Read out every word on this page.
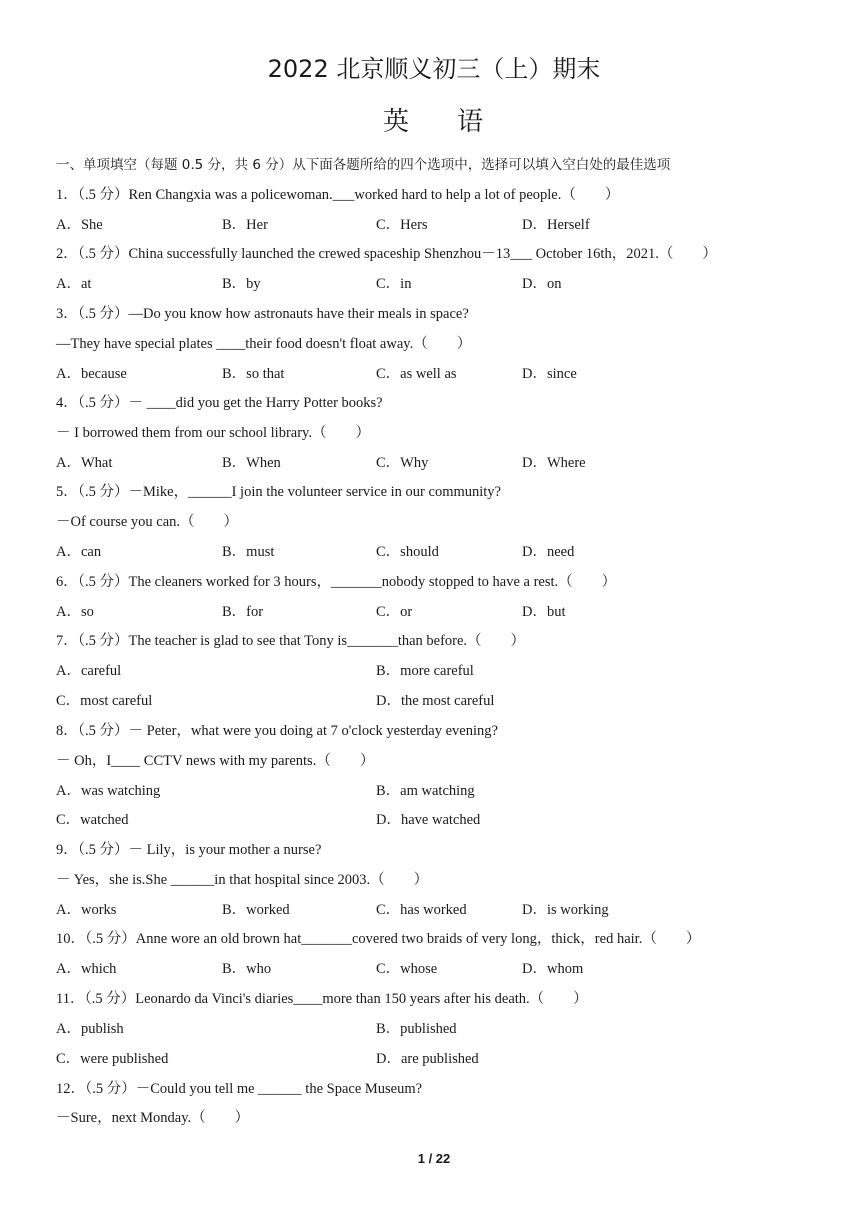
2022 北京顺义初三（上）期末
英 语
一、单项填空（每题 0.5 分，共 6 分）从下面各题所给的四个选项中，选择可以填入空白处的最佳选项
1．（.5 分）Ren Changxia was a policewoman.___worked hard to help a lot of people.（　　）
A．She	B．Her	C．Hers	D．Herself
2．（.5 分）China successfully launched the crewed spaceship Shenzhou－13___ October 16th，2021.（　　）
A．at	B．by	C．in	D．on
3．（.5 分）—Do you know how astronauts have their meals in space?
—They have special plates ____their food doesn't float away.（　　）
A．because	B．so that	C．as well as	D．since
4．（.5 分）－ ____did you get the Harry Potter books?
－ I borrowed them from our school library.（　　）
A．What	B．When	C．Why	D．Where
5．（.5 分）－Mike，______I join the volunteer service in our community?
－Of course you can.（　　）
A．can	B．must	C．should	D．need
6．（.5 分）The cleaners worked for 3 hours，_______nobody stopped to have a rest.（　　）
A．so	B．for	C．or	D．but
7．（.5 分）The teacher is glad to see that Tony is_______than before.（　　）
A．careful	B．more careful
C．most careful	D．the most careful
8．（.5 分）－ Peter，what were you doing at 7 o'clock yesterday evening?
－ Oh，I____ CCTV news with my parents.（　　）
A．was watching	B．am watching
C．watched	D．have watched
9．（.5 分）－ Lily，is your mother a nurse?
－ Yes，she is.She ______in that hospital since 2003.（　　）
A．works	B．worked	C．has worked	D．is working
10．（.5 分）Anne wore an old brown hat_______covered two braids of very long，thick，red hair.（　　）
A．which	B．who	C．whose	D．whom
11．（.5 分）Leonardo da Vinci's diaries____more than 150 years after his death.（　　）
A．publish	B．published
C．were published	D．are published
12．（.5 分）－Could you tell me ______ the Space Museum?
－Sure，next Monday.（　　）
1 / 22
